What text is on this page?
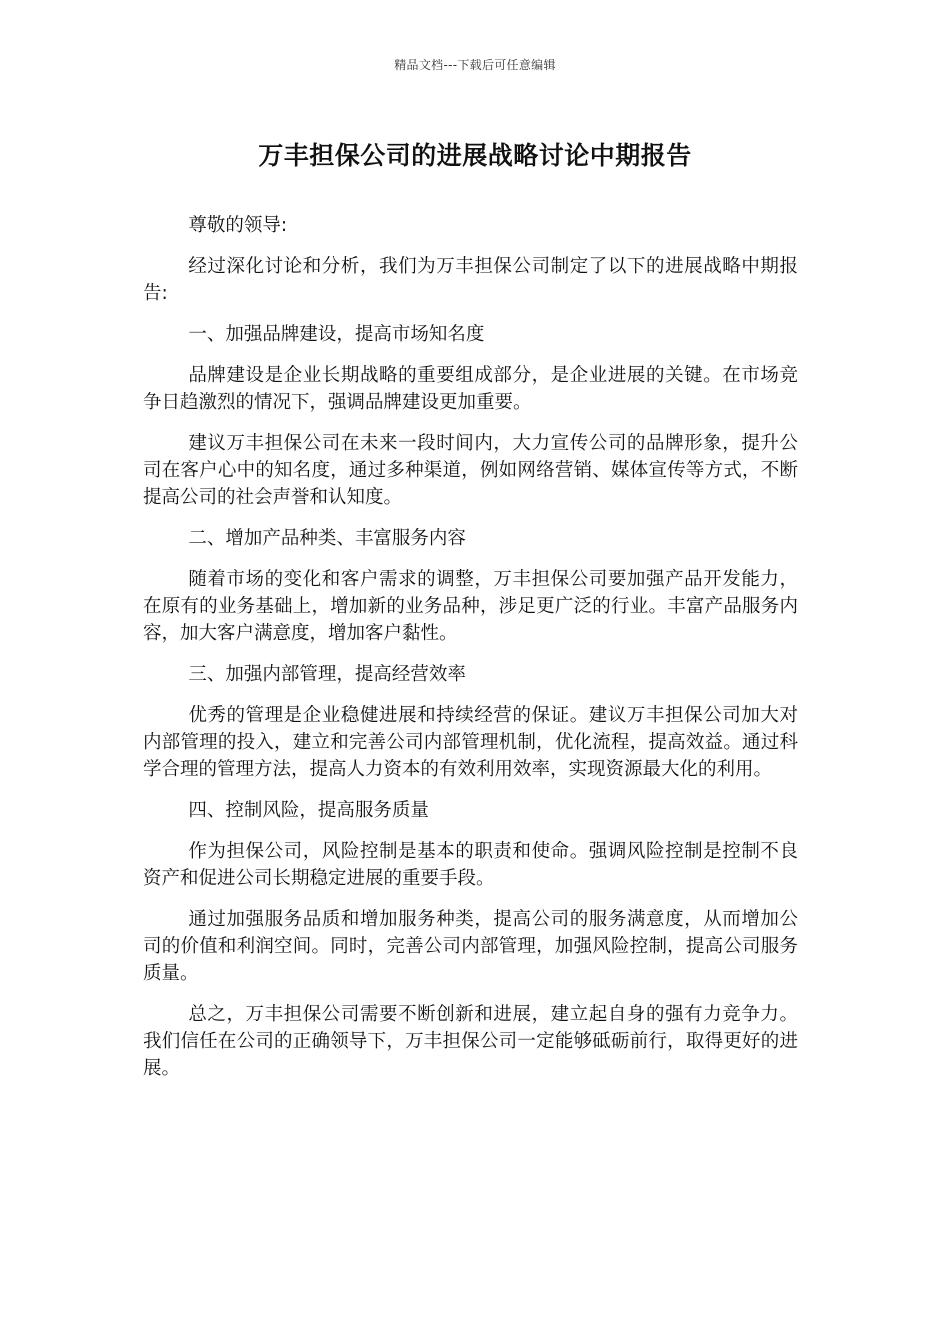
精品文档---下载后可任意编辑
万丰担保公司的进展战略讨论中期报告

尊敬的领导:

经过深化讨论和分析，我们为万丰担保公司制定了以下的进展战略中期报告:

一、加强品牌建设，提高市场知名度

品牌建设是企业长期战略的重要组成部分，是企业进展的关键。在市场竞争日趋激烈的情况下，强调品牌建设更加重要。

建议万丰担保公司在未来一段时间内，大力宣传公司的品牌形象，提升公司在客户心中的知名度，通过多种渠道，例如网络营销、媒体宣传等方式，不断提高公司的社会声誉和认知度。

二、增加产品种类、丰富服务内容

随着市场的变化和客户需求的调整，万丰担保公司要加强产品开发能力，在原有的业务基础上，增加新的业务品种，涉足更广泛的行业。丰富产品服务内容，加大客户满意度，增加客户黏性。

三、加强内部管理，提高经营效率

优秀的管理是企业稳健进展和持续经营的保证。建议万丰担保公司加大对内部管理的投入，建立和完善公司内部管理机制，优化流程，提高效益。通过科学合理的管理方法，提高人力资本的有效利用效率，实现资源最大化的利用。

四、控制风险，提高服务质量

作为担保公司，风险控制是基本的职责和使命。强调风险控制是控制不良资产和促进公司长期稳定进展的重要手段。

通过加强服务品质和增加服务种类，提高公司的服务满意度，从而增加公司的价值和利润空间。同时，完善公司内部管理，加强风险控制，提高公司服务质量。

总之，万丰担保公司需要不断创新和进展，建立起自身的强有力竞争力。我们信任在公司的正确领导下，万丰担保公司一定能够砥砺前行，取得更好的进展。
